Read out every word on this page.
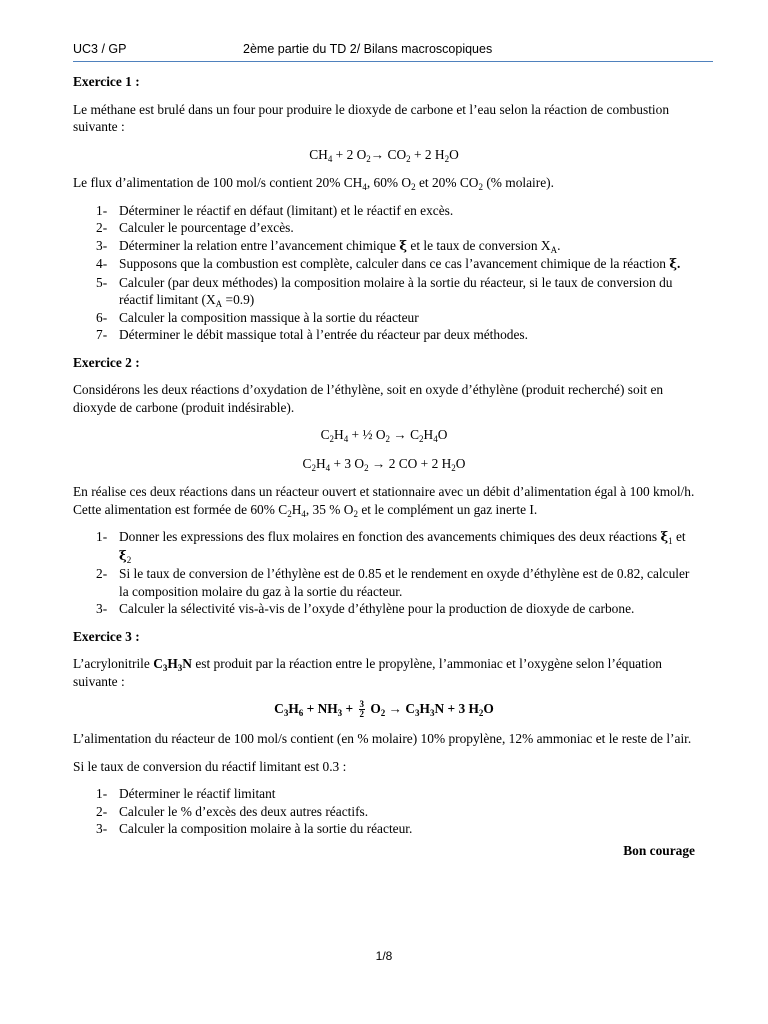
UC3 / GP	2ème partie du TD 2/ Bilans macroscopiques

Exercice 1 :

Le méthane est brulé dans un four pour produire le dioxyde de carbone et l’eau selon la réaction de combustion suivante :

$CH_4 + 2$ $O_2\to CO_2 + 2$ $H_2O$

Le flux d’alimentation de 100 mol/s contient 20% $CH_4$, 60% $O_2$ et 20% $CO_2$ (% molaire).

1- Déterminer le réactif en défaut (limitant) et le réactif en excès.
2- Calculer le pourcentage d’excès.
3- Déterminer la relation entre l’avancement chimique ξ et le taux de conversion $X_A$.
4- Supposons que la combustion est complète, calculer dans ce cas l’avancement chimique de la réaction ξ.
5- Calculer (par deux méthodes) la composition molaire à la sortie du réacteur, si le taux de conversion du réactif limitant $(X_A =0.9)$
6- Calculer la composition massique à la sortie du réacteur
7- Déterminer le débit massique total à l’entrée du réacteur par deux méthodes.

Exercice 2 :

Considérons les deux réactions d’oxydation de l’éthylène, soit en oxyde d’éthylène (produit recherché) soit en dioxyde de carbone (produit indésirable).

$C_2H_4$ + ½ $O_2 \to C_2H_4O$

$C_2H_4 + 3$ $O_2 \to 2$ CO + 2 $H_2O$

En réalise ces deux réactions dans un réacteur ouvert et stationnaire avec un débit d’alimentation égal à 100 kmol/h. Cette alimentation est formée de 60% $C_2H_4$, 35 % $O_2$ et le complément un gaz inerte I.

1- Donner les expressions des flux molaires en fonction des avancements chimiques des deux réactions $\xi_1$ et $\xi_2$
2- Si le taux de conversion de l’éthylène est de 0.85 et le rendement en oxyde d’éthylène est de 0.82, calculer la composition molaire du gaz à la sortie du réacteur.
3- Calculer la sélectivité vis-à-vis de l’oxyde d’éthylène pour la production de dioxyde de carbone.

Exercice 3 :

L’acrylonitrile $C_3H_3N$ est produit par la réaction entre le propylène, l’ammoniac et l’oxygène selon l’équation suivante :

$C_3H_6 + NH_3 + \frac{3}{2} O_2 \to C_3H_3N + 3$ $H_2O$

L’alimentation du réacteur de 100 mol/s contient (en % molaire) 10% propylène, 12% ammoniac et le reste de l’air.

Si le taux de conversion du réactif limitant est 0.3 :

1- Déterminer le réactif limitant
2- Calculer le % d’excès des deux autres réactifs.
3- Calculer la composition molaire à la sortie du réacteur.

Bon courage

1/8
